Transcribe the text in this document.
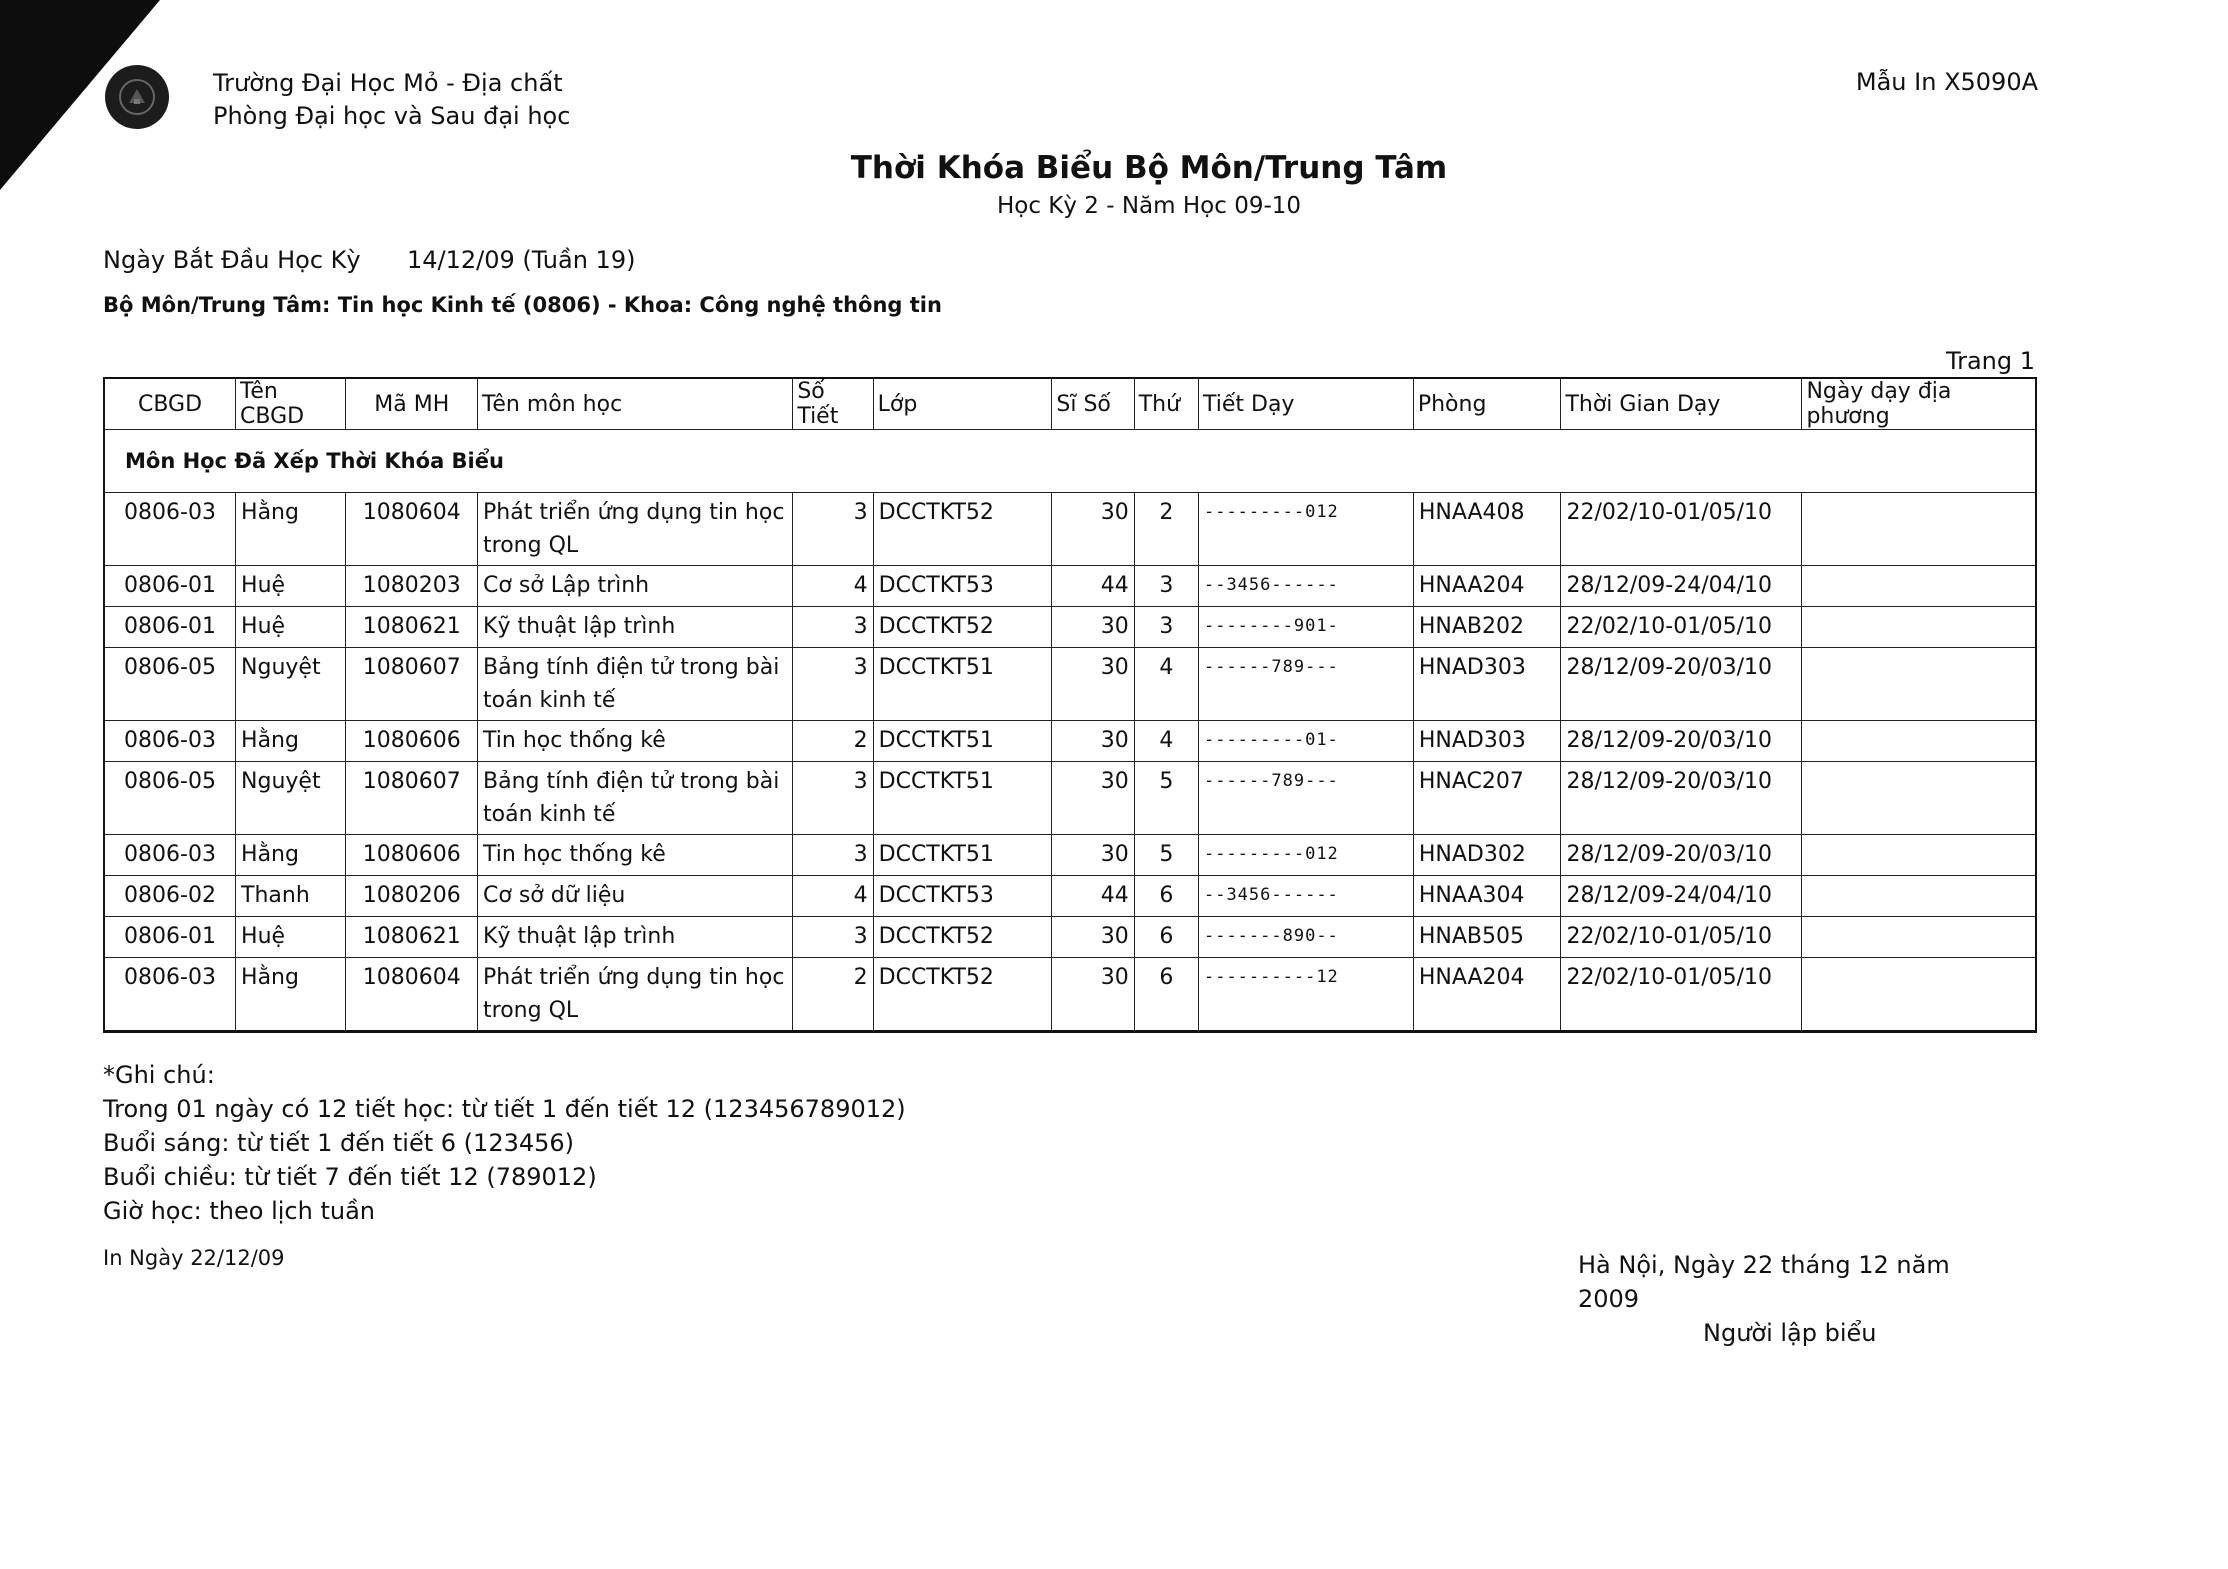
Trường Đại Học Mỏ - Địa chất
Phòng Đại học và Sau đại học
Mẫu In X5090A
Thời Khóa Biểu Bộ Môn/Trung Tâm
Học Kỳ 2 - Năm Học 09-10
Ngày Bắt Đầu Học Kỳ 14/12/09 (Tuần 19)
Bộ Môn/Trung Tâm: Tin học Kinh tế (0806) - Khoa: Công nghệ thông tin
Trang 1
CBGD	Tên CBGD	Mã MH	Tên môn học	Số Tiết	Lớp	Sĩ Số	Thứ	Tiết Dạy	Phòng	Thời Gian Dạy	Ngày dạy địa phương
Môn Học Đã Xếp Thời Khóa Biểu											
0806-03	Hằng	1080604	Phát triển ứng dụng tin học
trong QL	3	DCCTKT52	30	2	---------012	HNAA408	22/02/10-01/05/10	
0806-01	Huệ	1080203	Cơ sở Lập trình	4	DCCTKT53	44	3	--3456------	HNAA204	28/12/09-24/04/10	
0806-01	Huệ	1080621	Kỹ thuật lập trình	3	DCCTKT52	30	3	--------901-	HNAB202	22/02/10-01/05/10	
0806-05	Nguyệt	1080607	Bảng tính điện tử trong bài
toán kinh tế	3	DCCTKT51	30	4	------789---	HNAD303	28/12/09-20/03/10	
0806-03	Hằng	1080606	Tin học thống kê	2	DCCTKT51	30	4	---------01-	HNAD303	28/12/09-20/03/10	
0806-05	Nguyệt	1080607	Bảng tính điện tử trong bài
toán kinh tế	3	DCCTKT51	30	5	------789---	HNAC207	28/12/09-20/03/10	
0806-03	Hằng	1080606	Tin học thống kê	3	DCCTKT51	30	5	---------012	HNAD302	28/12/09-20/03/10	
0806-02	Thanh	1080206	Cơ sở dữ liệu	4	DCCTKT53	44	6	--3456------	HNAA304	28/12/09-24/04/10	
0806-01	Huệ	1080621	Kỹ thuật lập trình	3	DCCTKT52	30	6	-------890--	HNAB505	22/02/10-01/05/10	
0806-03	Hằng	1080604	Phát triển ứng dụng tin học
trong QL	2	DCCTKT52	30	6	----------12	HNAA204	22/02/10-01/05/10	
*Ghi chú:
Trong 01 ngày có 12 tiết học: từ tiết 1 đến tiết 12 (123456789012)
Buổi sáng: từ tiết 1 đến tiết 6 (123456)
Buổi chiều: từ tiết 7 đến tiết 12 (789012)
Giờ học: theo lịch tuần
In Ngày 22/12/09	Hà Nội, Ngày 22 tháng 12 năm 2009
Người lập biểu
